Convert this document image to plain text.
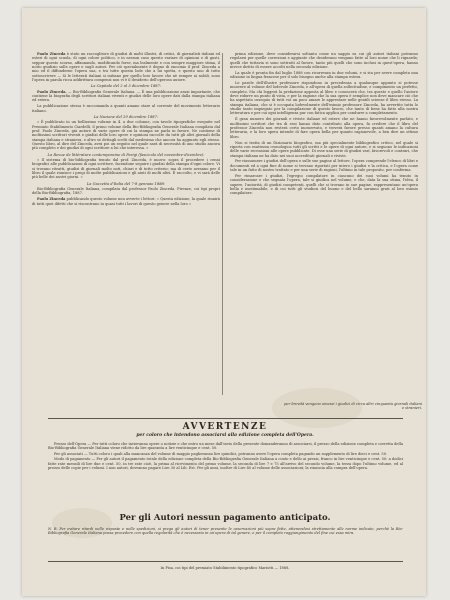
Paolo Zinceda è stato un raccoglitore di giudizi di molti illustri, di critici, di giornalisti italiani ed esteri di ogni scuola, di ogni colore politico, e in nessun caso questo variare di opinioni e di gusti, seppur questo scorno, affannando, modificando forse, ma lealmente e con sempre maggiore stima, il notto giudizio sulle opere e sugli autori. Per ciò specialmente è degno di encomio il prof. Zinceda a mio ed il diffonderne l'opera sua, e tra tutte questa lode che a lui spetta, e questo uno di tutto sottoscrivere — Si le letterati italiani si mitiano per quello loro lavore che nè sempre ai nobili, sono l'opera in parola ricca addirittura compensi non vi è il desiderio dell'operoso autore.

La Capitale del 2 al 3 dicembre 1887:

Paolo Zinceda. — Bio-Bibliografia Generale Italiana. — È una pubblicazione assai importante, che contiene la biografia degli scrittori italiani viventi e giudizi delle loro opere dati dalla stampa italiana ed estera.

La pubblicazione stessa è raccomanda a quanti amano stare al corrente del movimento letterario italiano.

La Nazione del 29 dicembre 1887:

« È pubblicato in un bellissimo volume in 4. a due colonne, con tavole tipografiche eseguite nel Premiato Stabilimento Ciardelli, il primo volume della Bio-Bibliografia Generale Italiana compilata dal prof. Paolo Zinceda, già autore di varie opere di cui la stampa ne parla in favore. Ne contiene di moltissimi scrittori viventi e giudizi delle loro opere e opinioni raccolte da tutti gli altri giornali della stampa italiana e straniera, e altro se dettagli scelti dal medesimo che ancora ha aggiunto egli stesso. Questo libro, al dire del Zinceda, avrà poi un seguito nel quale sarà di necessità di uno studio ancora più completo e dei giudizi di ogni scrittore a lui che interessa. »

La Revue de littérature contemporaine di Parigi (fascicolo del novembre-dicembre):

« Il sistema di bio-bibliografia tenuto dal prof. Zinceda, è nuovo: sopra il procedere i cenni biografici alle pubblicazioni di ogni scrittore, facendone seguire i giudizi della stampa d'ogni colore. Vi si trovano ritratti, giudizi di giornali molto noti, chiari e di tutto criterio; ma di certo avranno per il libro il quale riunisce i pregi di molte pubblicazioni e gli aiuti di molti altri. È raccolto, e vi sarà delle più belle dei nostri giorni. »

La Gazzetta d'Italia del 7-8 gennaio 1888:

Bio-Bibliografia Generale Italiana, compilata dal professor Paolo Zinceda. Firenze, coi tipi propri della Bio-Bibliografia, 1887.

Paolo Zinceda pubblicando questo volume non avverte i lettori: « Questa edizione, la quale riunirà di tutti quei difetti che si riscontrano in quasi tutti i lavori di questo genere nella loro »

prima edizione, deve considerarsi soltanto come un saggio su cui gli autori italiani potranno regolarsi per quelle correzioni e aggiunte che desiderano vengano fatte al loro nome che li riguarda; quelli che tuttavia si sono sottratti al favore, tanto più quelli che sono inclusi in quest'opera, hanno invece diritto di essere accolti nella seconda edizione.

La quale è pronta fin dal luglio 1888 con ricorrenza in due volumi, e si sta per avere completa una edizione in lingua francese per il solo bisogno anche alla stampa estera.

Le parole dell'illustre professore rispondono in precedenza a qualunque appunto si potesse muovere al volume del lodevole Zinceda, e all'opera di quella sollecitudine, e compimento un perfetto, completo. Ma chi leggerà la prefazione apposta al libro e conoscerà che, tra questo e quello l'autore deve ridurre un punto di vista, e per la ragione che la sua opera è semplice non deve mancare ciò che ha aspettato ossequio di tutti voi un poco amare le apprestare nelle gentili scienze il libro stesso. La stampa italiana, che si è occupata lodevolmente dell'esimio professore Zinceda, ha avvertito tutta lo studio tanto impiegato per la compilazione di questo lavoro, che tanto di bene ha fatto alla nostra letteratura e per cui ogni intelligenza pur con fatica applica per condurre a completamento.

Il gran numero dei giornali e riviste italiane ed estere che ne hanno favorevolmente parlato, e moltissimi scrittori che tra di essi hanno dato contributo alla opera, fa credere che il libro del professor Zinceda non resterà certo inosservato, e troverà favore presso quanti amano la cultura letteraria, e la loro opera intende di fare opera bella per quanto ragionevole, a ben dire un ottimo libro.

Non si tratta di un Dizionario biografico, ma più specialmente bibliografico critico, nel quale si riporta con esattezza cronologica tutti gli scritti e le opere di ogni autore, e si seguono le indicazioni delle varie recensioni alle opere pubblicate. Di esse una serie di giudizi vari, favorevoli e contrari, che stampa italiana ne ha dato nei suoi accreditati giornali e riviste.

Per riassumere i giudizi dell'opera e sulle sue pagine al lettore, l'opera comprende l'elenco di libri e documenti ed a ogni fine di nome si trovano riportati per intero i giudizi e la critica, e l'opera come tale in un fatto di nostro trattato e per una serie di ragioni, l'ultimo in tale proposito, per conferma.

Per rimarcare i giudizi, l'egregio compilatore in ciascuno dei suoi volumi ha tenuto in considerazione e che segnata l'opera, tale si giudica nel volume, e che, data la sua stima, l'idea, il sapere, l'autorità, di giudizi competenti, quelli che si trovano in sue pagine, rappresentano un'opera bella e inestimabile, e di cui tutti gli studiosi del buono e del bello saranno grati al loro esimio compilatore.

per brevità vengono omessi i giudizi di circa altri cinquanta giornali italiani e stranieri.
AVVERTENZE
per coloro che intendono associarsi alla edizione completa dell'Opera.

Prezzo dell'Opera — Per tutti coloro che invieranno opere o notizie e che entro un mese dall'invio della presente domanderanno di associarsi, il prezzo della edizione completa e corretta della Bio-Bibliografia Generale Italiana viene ridotto da lire quaranta a lire venticinque e cent. 50.

Per gli associati — Tutti coloro i quali alla mancanza del volume di maggio pagheranno lire quindici, potranno avere l'opera completa pagando un supplemento di lire dieci e cent. 50.

Modo di pagamento — Per gli autori il pagamento totale della edizione completa della Bio-Bibliografia Generale Italiana a conto e dello ai prezzi, franco in lire venticinque e cent. 50: a dodici fatte rate mensili di lire due e cent. 50, in tre rate cioè, la prima al ricevimento del primo volume, la seconda di lire 7 e 75 all'arrivo del secondo volume, la terza dopo l'ultimo volume, ed al prezzo delle copie per i volumi. I non autori, dovranno pagare Lire 30 al Lib. Est. Per gli anni, inoltre di Lire 40 al volume delle associazioni; la rinuncia alla compra dell'opera.

Per gli Autori nessun pagamento anticipato.
N. B. Per evitare ritardi nelle risposte e nelle spedizioni, si prega gli autori di tener presente le osservazioni più sopra fatte, attenendosi strettamente alle norme indicate, perchè la Bio-Bibliografia Generale Italiana possa procedere con quella regolarità che è necessaria in un'opera di tal genere, e per il completo raggiungimento del fine cui essa mira.
In Pisa, coi tipi del premiato Stabilimento tipografico Mariotti — 1888.
